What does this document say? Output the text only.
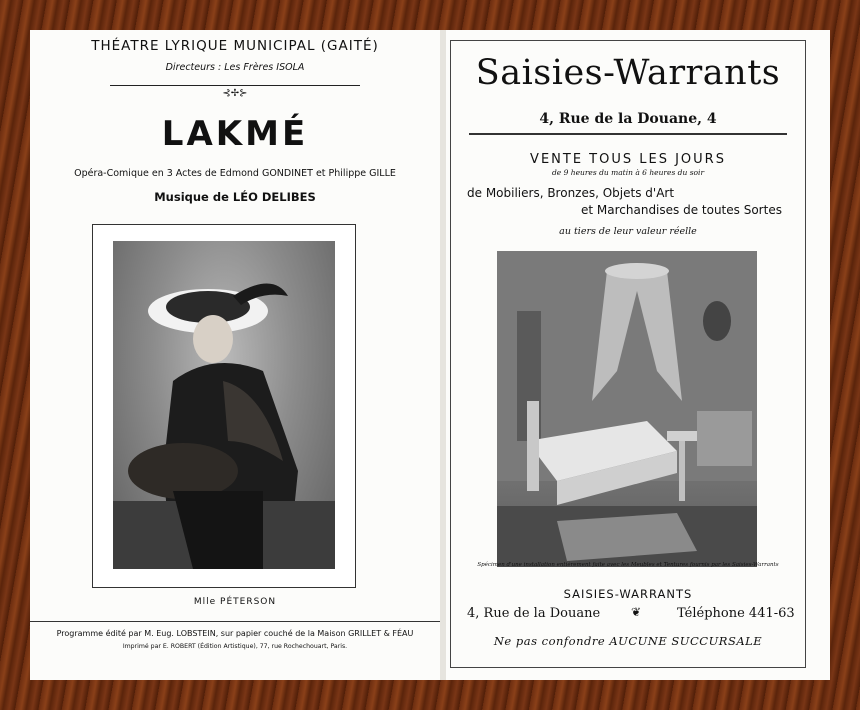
THÉATRE LYRIQUE MUNICIPAL (GAITÉ)
Directeurs : Les Frères ISOLA
⊰✢⊱
LAKMÉ
Opéra-Comique en 3 Actes de Edmond GONDINET et Philippe GILLE
Musique de LÉO DELIBES
Mlle PÉTERSON
Programme édité par M. Eug. LOBSTEIN, sur papier couché de la Maison GRILLET & FÉAU
Imprimé par E. ROBERT (Édition Artistique), 77, rue Rochechouart, Paris.
Saisies-Warrants
4, Rue de la Douane, 4
VENTE TOUS LES JOURS
de 9 heures du matin à 6 heures du soir
de Mobiliers, Bronzes, Objets d'Art
et Marchandises de toutes Sortes
au tiers de leur valeur réelle
Spécimen d'une installation entièrement faite avec les Meubles et Tentures fournis par les Saisies-Warrants
SAISIES-WARRANTS
4, Rue de la Douane	❦	Téléphone 441-63
Ne pas confondre AUCUNE SUCCURSALE
